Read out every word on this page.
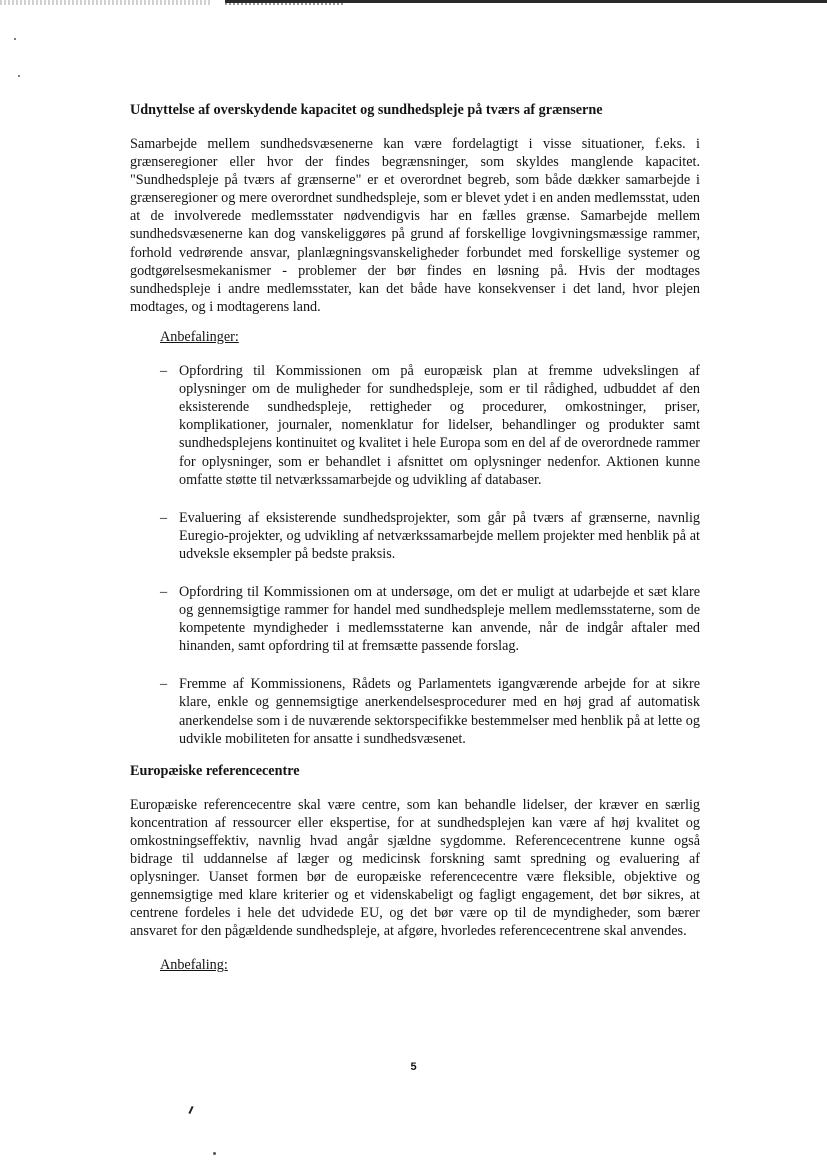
Udnyttelse af overskydende kapacitet og sundhedspleje på tværs af grænserne

Samarbejde mellem sundhedsvæsenerne kan være fordelagtigt i visse situationer, f.eks. i grænseregioner eller hvor der findes begrænsninger, som skyldes manglende kapacitet. "Sundhedspleje på tværs af grænserne" er et overordnet begreb, som både dækker samarbejde i grænseregioner og mere overordnet sundhedspleje, som er blevet ydet i en anden medlemsstat, uden at de involverede medlemsstater nødvendigvis har en fælles grænse. Samarbejde mellem sundhedsvæsenerne kan dog vanskeliggøres på grund af forskellige lovgivningsmæssige rammer, forhold vedrørende ansvar, planlægningsvanskeligheder forbundet med forskellige systemer og godtgørelsesmekanismer - problemer der bør findes en løsning på. Hvis der modtages sundhedspleje i andre medlemsstater, kan det både have konsekvenser i det land, hvor plejen modtages, og i modtagerens land.

Anbefalinger:
– Opfordring til Kommissionen om på europæisk plan at fremme udvekslingen af oplysninger om de muligheder for sundhedspleje, som er til rådighed, udbuddet af den eksisterende sundhedspleje, rettigheder og procedurer, omkostninger, priser, komplikationer, journaler, nomenklatur for lidelser, behandlinger og produkter samt sundhedsplejens kontinuitet og kvalitet i hele Europa som en del af de overordnede rammer for oplysninger, som er behandlet i afsnittet om oplysninger nedenfor. Aktionen kunne omfatte støtte til netværkssamarbejde og udvikling af databaser.
– Evaluering af eksisterende sundhedsprojekter, som går på tværs af grænserne, navnlig Euregio-projekter, og udvikling af netværkssamarbejde mellem projekter med henblik på at udveksle eksempler på bedste praksis.
– Opfordring til Kommissionen om at undersøge, om det er muligt at udarbejde et sæt klare og gennemsigtige rammer for handel med sundhedspleje mellem medlemsstaterne, som de kompetente myndigheder i medlemsstaterne kan anvende, når de indgår aftaler med hinanden, samt opfordring til at fremsætte passende forslag.
– Fremme af Kommissionens, Rådets og Parlamentets igangværende arbejde for at sikre klare, enkle og gennemsigtige anerkendelsesprocedurer med en høj grad af automatisk anerkendelse som i de nuværende sektorspecifikke bestemmelser med henblik på at lette og udvikle mobiliteten for ansatte i sundhedsvæsenet.
Europæiske referencecentre

Europæiske referencecentre skal være centre, som kan behandle lidelser, der kræver en særlig koncentration af ressourcer eller ekspertise, for at sundhedsplejen kan være af høj kvalitet og omkostningseffektiv, navnlig hvad angår sjældne sygdomme. Referencecentrene kunne også bidrage til uddannelse af læger og medicinsk forskning samt spredning og evaluering af oplysninger. Uanset formen bør de europæiske referencecentre være fleksible, objektive og gennemsigtige med klare kriterier og et videnskabeligt og fagligt engagement, det bør sikres, at centrene fordeles i hele det udvidede EU, og det bør være op til de myndigheder, som bærer ansvaret for den pågældende sundhedspleje, at afgøre, hvorledes referencecentrene skal anvendes.

Anbefaling:
5
